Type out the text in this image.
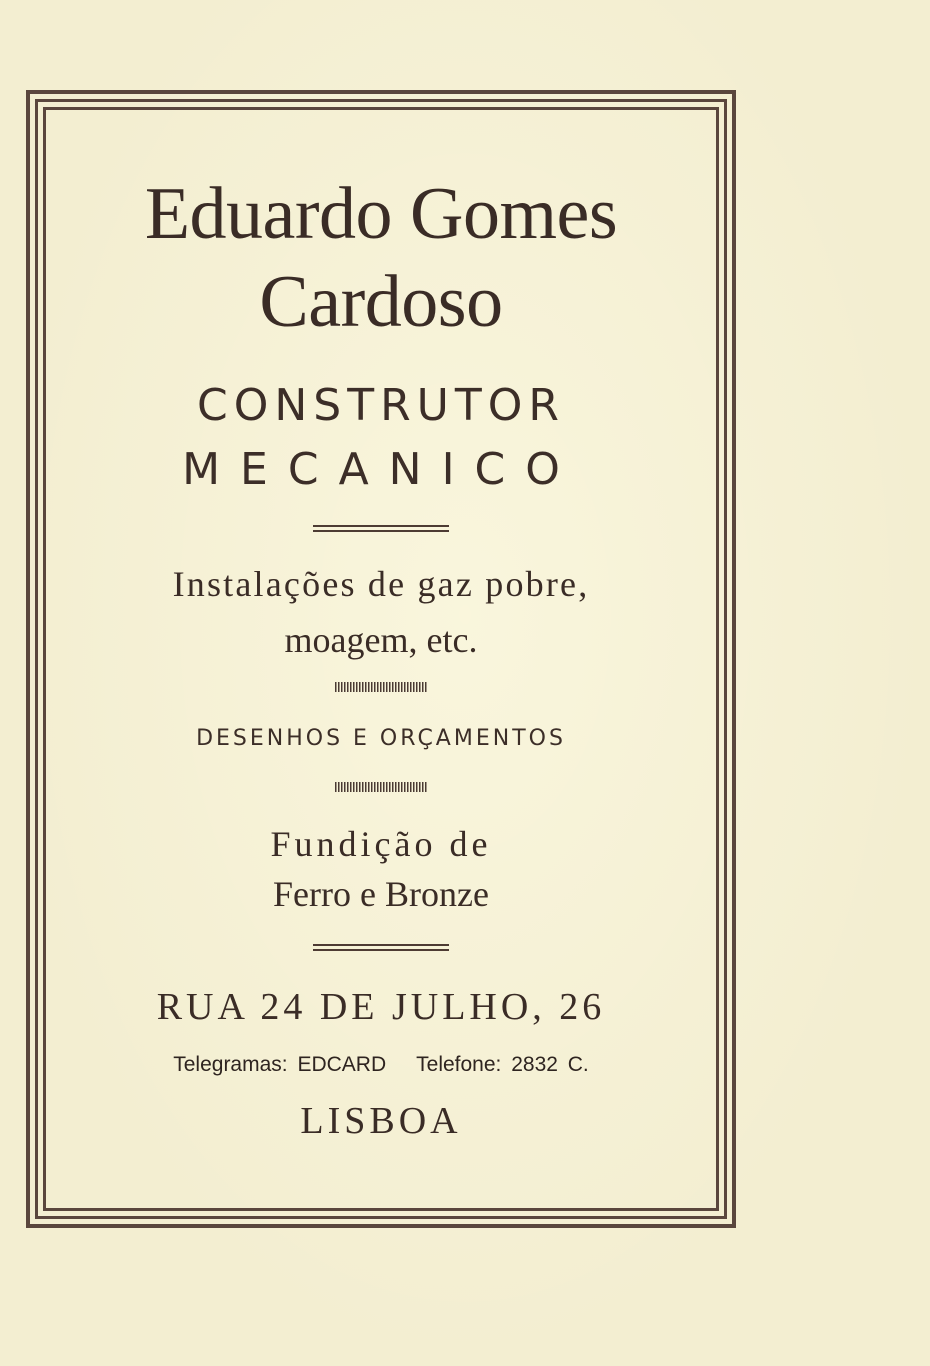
Eduardo Gomes
Cardoso
CONSTRUTOR
MECANICO
Instalações de gaz pobre,
moagem, etc.
DESENHOS E ORÇAMENTOS
Fundição de
Ferro e Bronze
RUA 24 DE JULHO, 26
Telegramas: EDCARD Telefone: 2832 C.
LISBOA
